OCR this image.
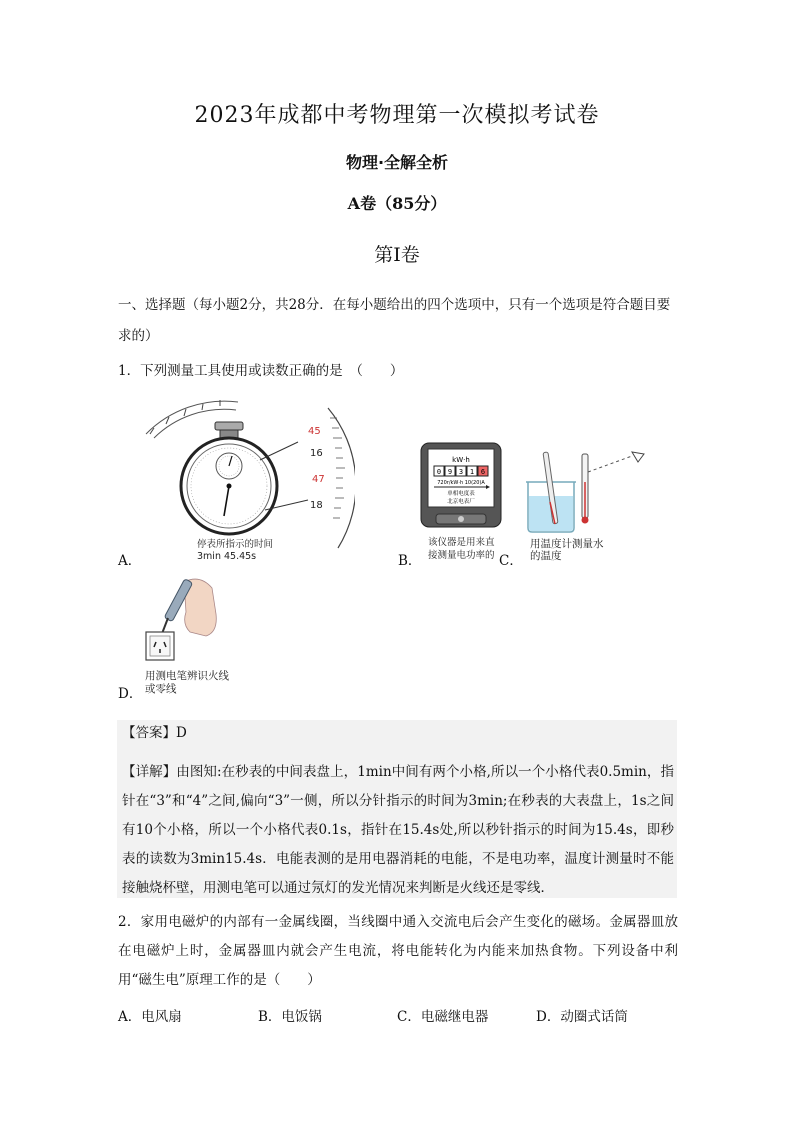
2023年成都中考物理第一次模拟考试卷
物理·全解全析
A卷（85分）
第Ⅰ卷
一、选择题（每小题2分，共28分．在每小题给出的四个选项中，只有一个选项是符合题目要求的）
1．下列测量工具使用或读数正确的是　（　　）
45
16
47
18
停表所指示的时间
3min 45.45s
A．
kW·h
0 9 3 1 6
720r/kW·h 10(20)A
单相电度表
北京电表厂
该仪器是用来直
接测量电功率的
B．	C．
用温度计测量水
的温度
用测电笔辨识火线
或零线
D．
【答案】D
【详解】由图知:在秒表的中间表盘上，1min中间有两个小格,所以一个小格代表0.5min，指针在“3”和“4”之间,偏向“3”一侧，所以分针指示的时间为3min;在秒表的大表盘上，1s之间有10个小格，所以一个小格代表0.1s，指针在15.4s处,所以秒针指示的时间为15.4s，即秒表的读数为3min15.4s．电能表测的是用电器消耗的电能，不是电功率，温度计测量时不能接触烧杯壁，用测电笔可以通过氖灯的发光情况来判断是火线还是零线．
2．家用电磁炉的内部有一金属线圈，当线圈中通入交流电后会产生变化的磁场。金属器皿放在电磁炉上时，金属器皿内就会产生电流，将电能转化为内能来加热食物。下列设备中利用“磁生电”原理工作的是（　　）
A．电风扇	B．电饭锅	C．电磁继电器	D．动圈式话筒
